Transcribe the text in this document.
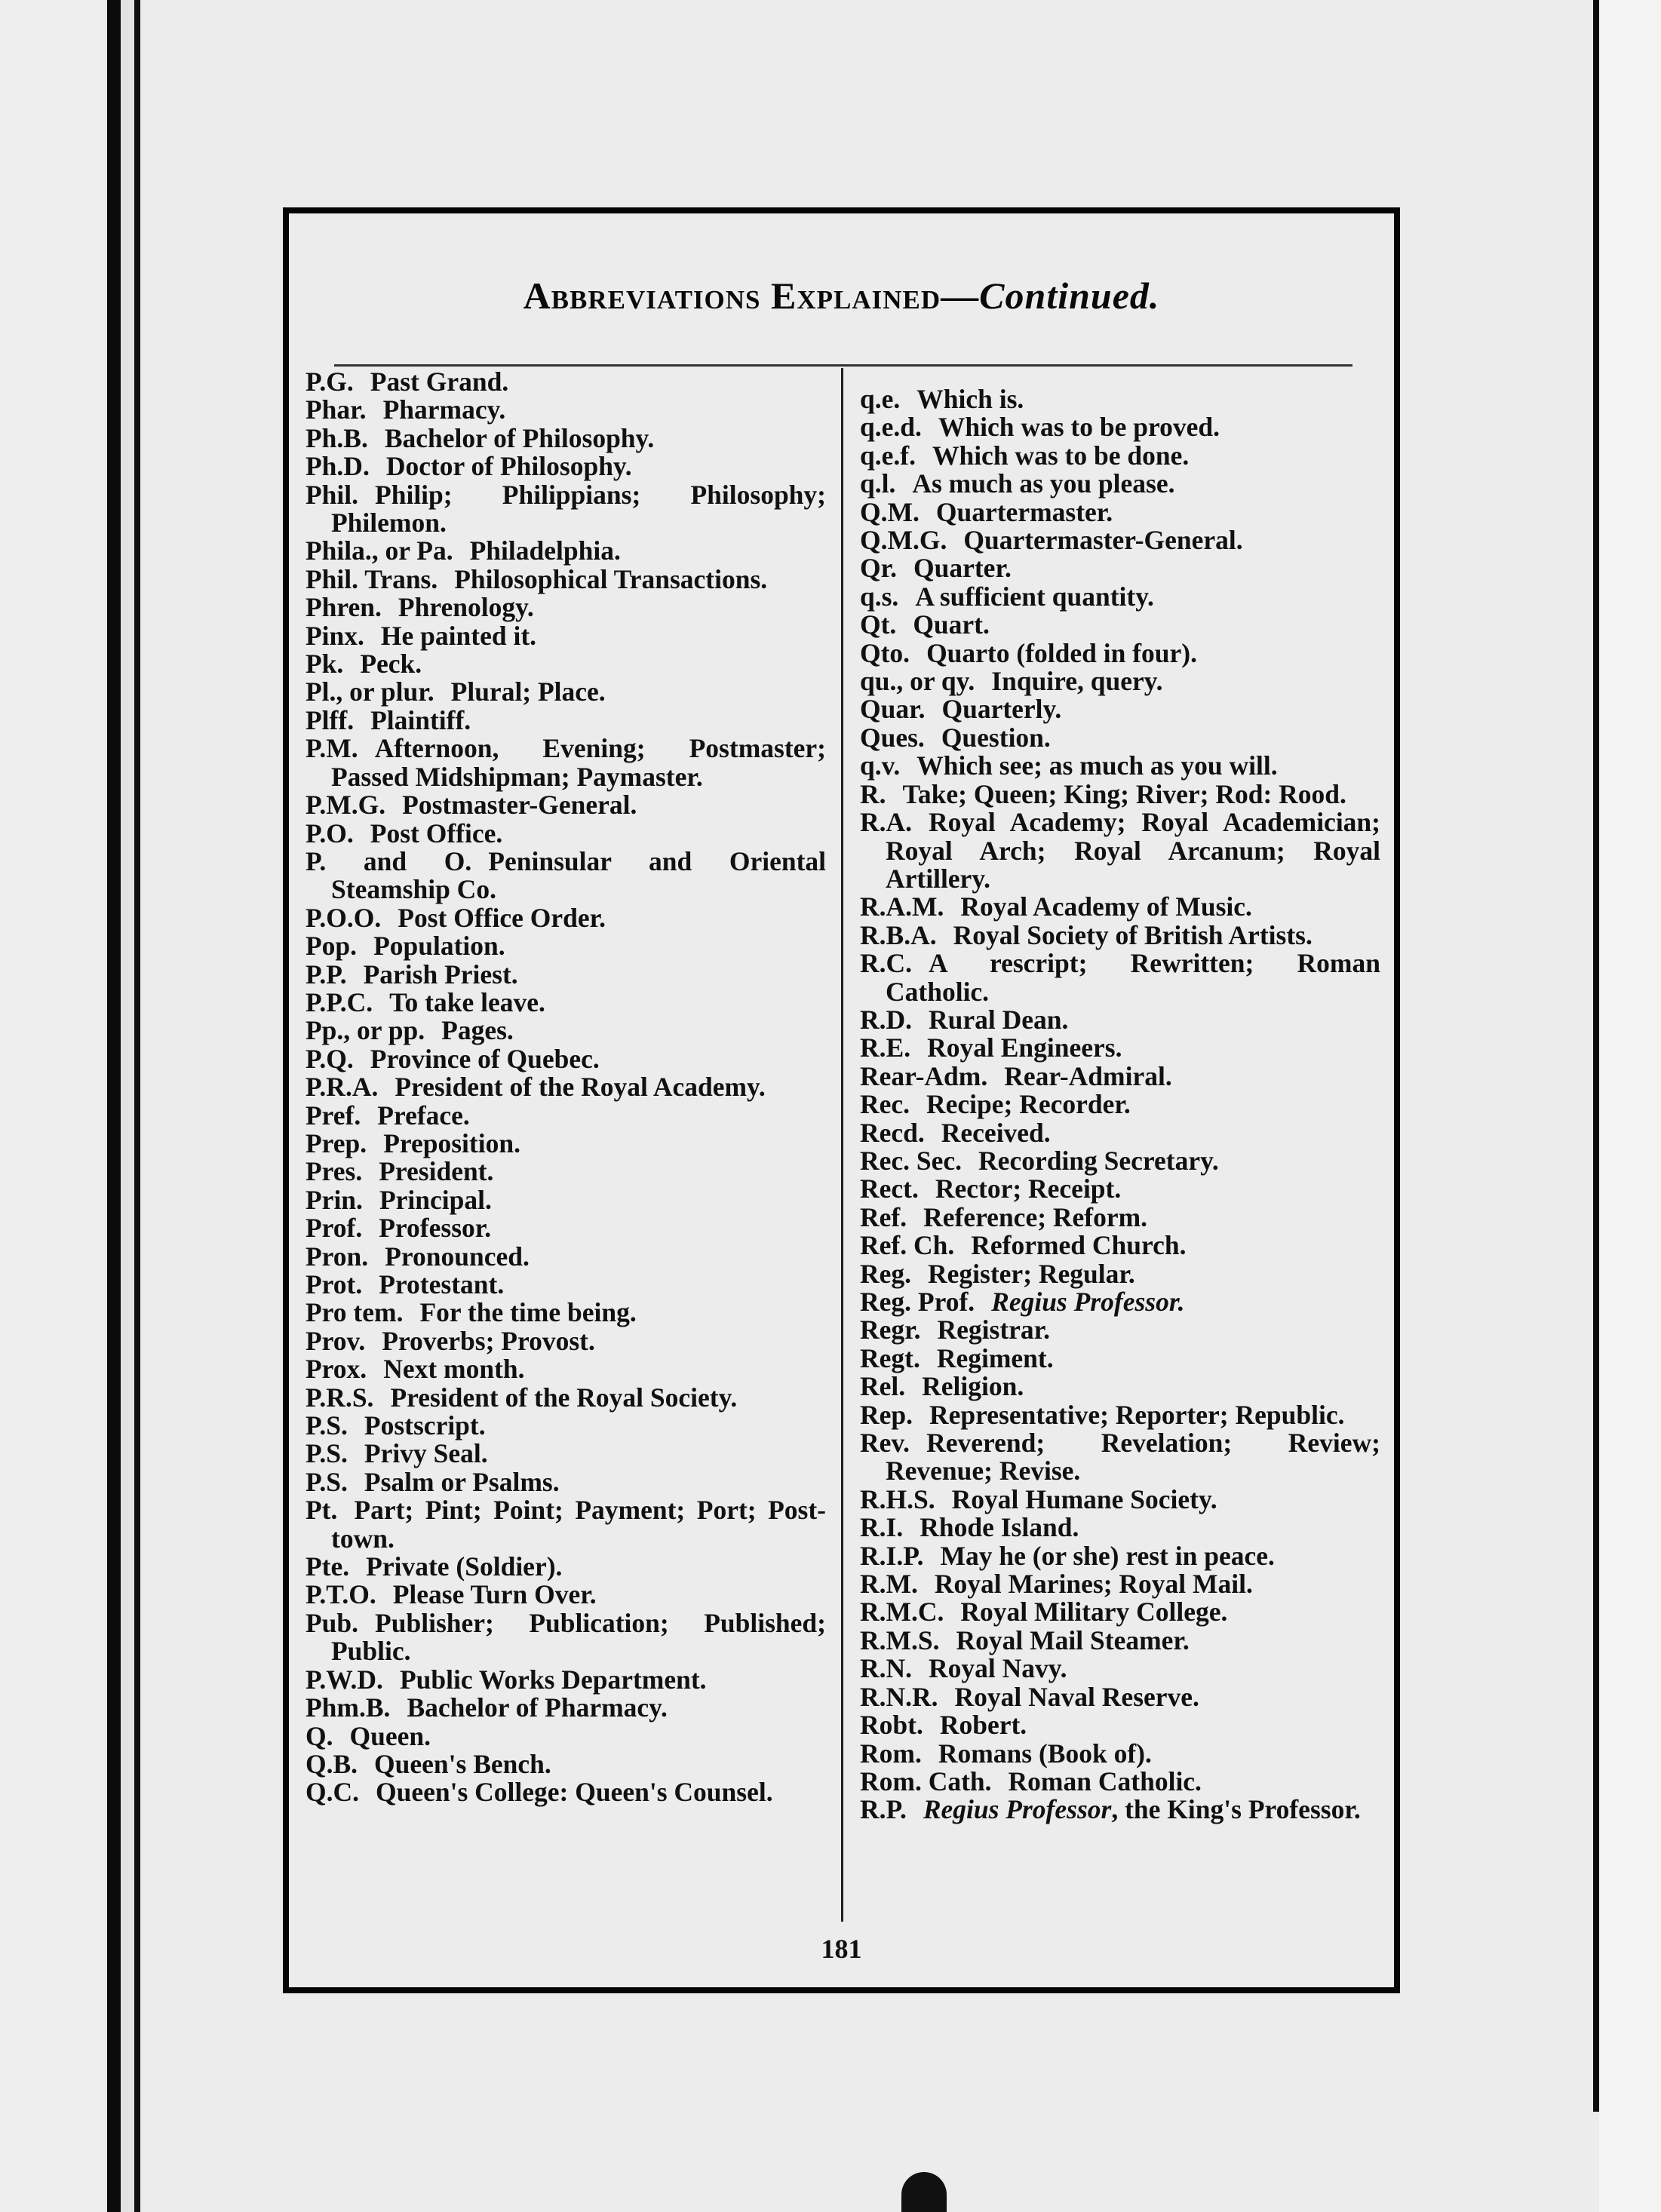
Abbreviations Explained—Continued.

P.G. Past Grand.

Phar. Pharmacy.

Ph.B. Bachelor of Philosophy.

Ph.D. Doctor of Philosophy.

Phil. Philip; Philippians; Philosophy; Philemon.

Phila., or Pa. Philadelphia.

Phil. Trans. Philosophical Transactions.

Phren. Phrenology.

Pinx. He painted it.

Pk. Peck.

Pl., or plur. Plural; Place.

Plff. Plaintiff.

P.M. Afternoon, Evening; Postmaster; Passed Midshipman; Paymaster.

P.M.G. Postmaster-General.

P.O. Post Office.

P. and O. Peninsular and Oriental Steamship Co.

P.O.O. Post Office Order.

Pop. Population.

P.P. Parish Priest.

P.P.C. To take leave.

Pp., or pp. Pages.

P.Q. Province of Quebec.

P.R.A. President of the Royal Academy.

Pref. Preface.

Prep. Preposition.

Pres. President.

Prin. Principal.

Prof. Professor.

Pron. Pronounced.

Prot. Protestant.

Pro tem. For the time being.

Prov. Proverbs; Provost.

Prox. Next month.

P.R.S. President of the Royal Society.

P.S. Postscript.

P.S. Privy Seal.

P.S. Psalm or Psalms.

Pt. Part; Pint; Point; Payment; Port; Post-town.

Pte. Private (Soldier).

P.T.O. Please Turn Over.

Pub. Publisher; Publication; Published; Public.

P.W.D. Public Works Department.

Phm.B. Bachelor of Pharmacy.

Q. Queen.

Q.B. Queen's Bench.

Q.C. Queen's College: Queen's Counsel.

q.e. Which is.

q.e.d. Which was to be proved.

q.e.f. Which was to be done.

q.l. As much as you please.

Q.M. Quartermaster.

Q.M.G. Quartermaster-General.

Qr. Quarter.

q.s. A sufficient quantity.

Qt. Quart.

Qto. Quarto (folded in four).

qu., or qy. Inquire, query.

Quar. Quarterly.

Ques. Question.

q.v. Which see; as much as you will.

R. Take; Queen; King; River; Rod: Rood.

R.A. Royal Academy; Royal Academician; Royal Arch; Royal Arcanum; Royal Artillery.

R.A.M. Royal Academy of Music.

R.B.A. Royal Society of British Artists.

R.C. A rescript; Rewritten; Roman Catholic.

R.D. Rural Dean.

R.E. Royal Engineers.

Rear-Adm. Rear-Admiral.

Rec. Recipe; Recorder.

Recd. Received.

Rec. Sec. Recording Secretary.

Rect. Rector; Receipt.

Ref. Reference; Reform.

Ref. Ch. Reformed Church.

Reg. Register; Regular.

Reg. Prof. Regius Professor.

Regr. Registrar.

Regt. Regiment.

Rel. Religion.

Rep. Representative; Reporter; Republic.

Rev. Reverend; Revelation; Review; Revenue; Revise.

R.H.S. Royal Humane Society.

R.I. Rhode Island.

R.I.P. May he (or she) rest in peace.

R.M. Royal Marines; Royal Mail.

R.M.C. Royal Military College.

R.M.S. Royal Mail Steamer.

R.N. Royal Navy.

R.N.R. Royal Naval Reserve.

Robt. Robert.

Rom. Romans (Book of).

Rom. Cath. Roman Catholic.

R.P. Regius Professor, the King's Professor.

181
